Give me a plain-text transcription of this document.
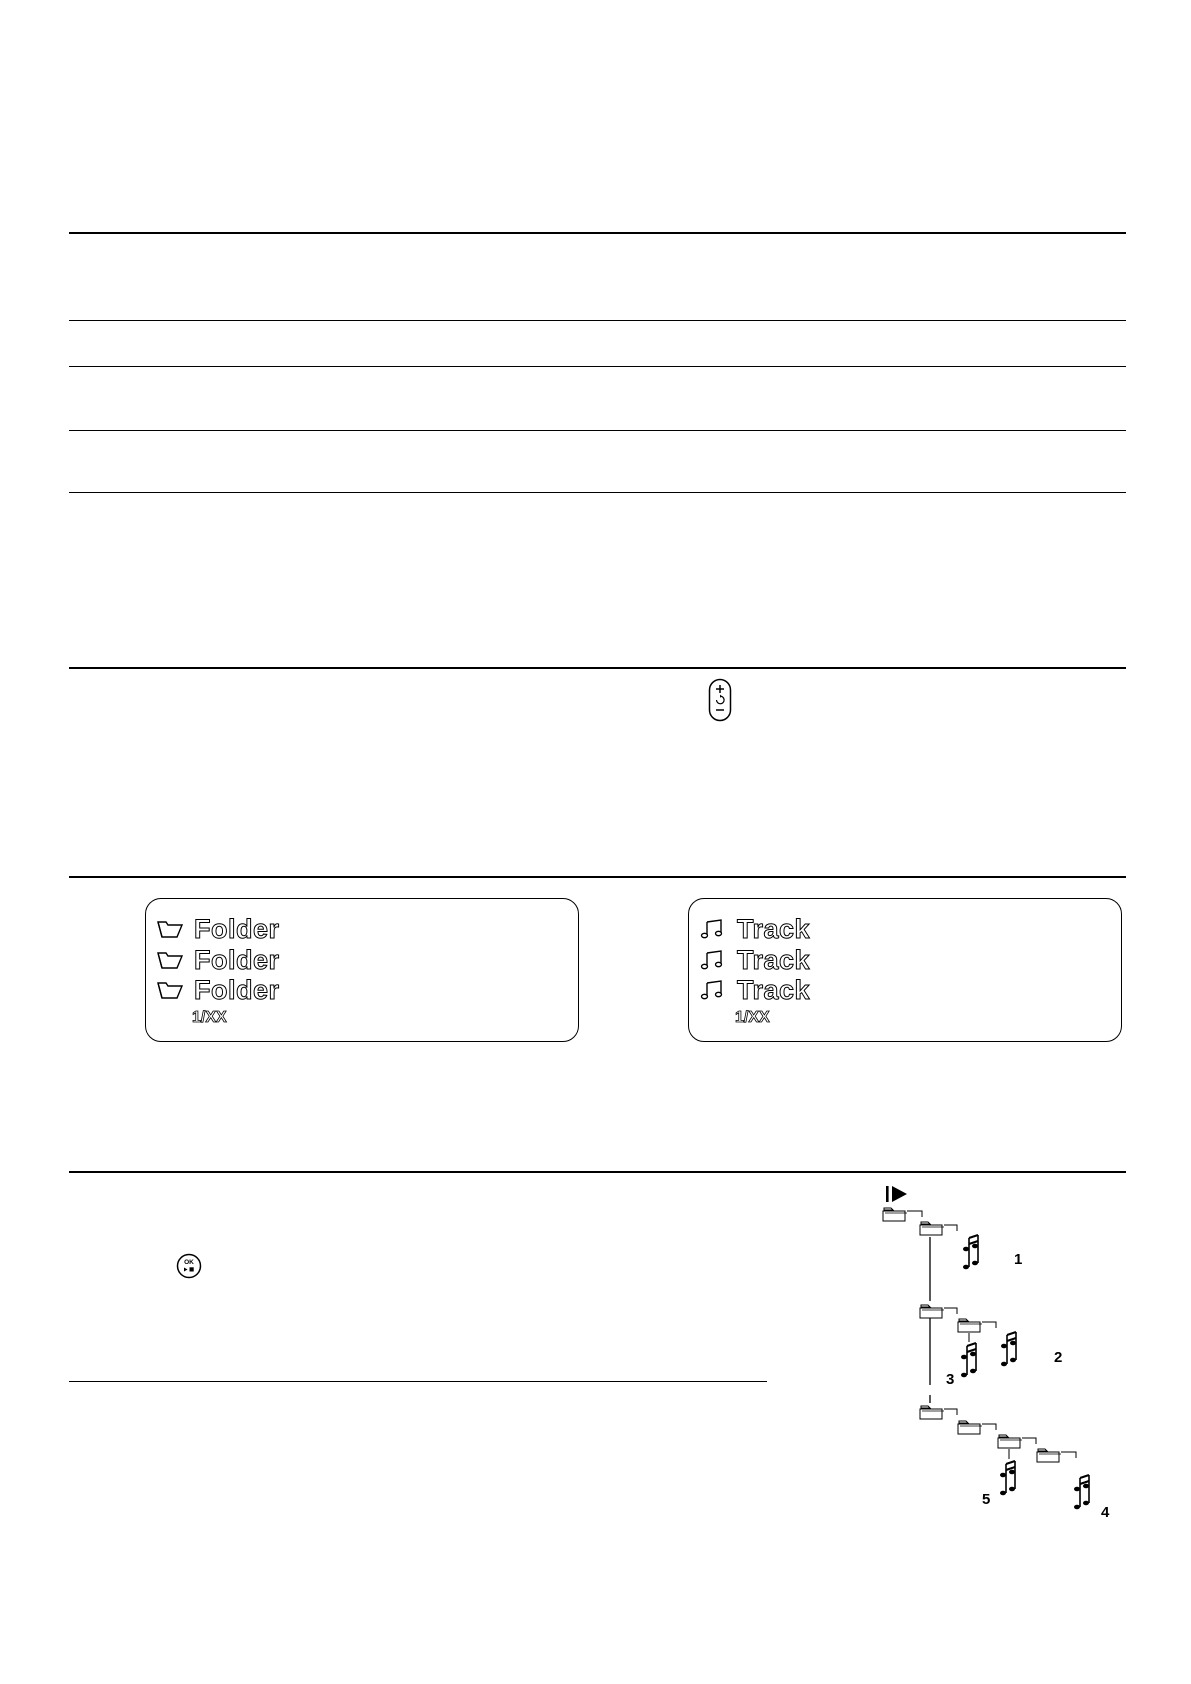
Folder
Folder
Folder
1/XX
Track
Track
Track
1/XX
OK	1
2
3
4
5
